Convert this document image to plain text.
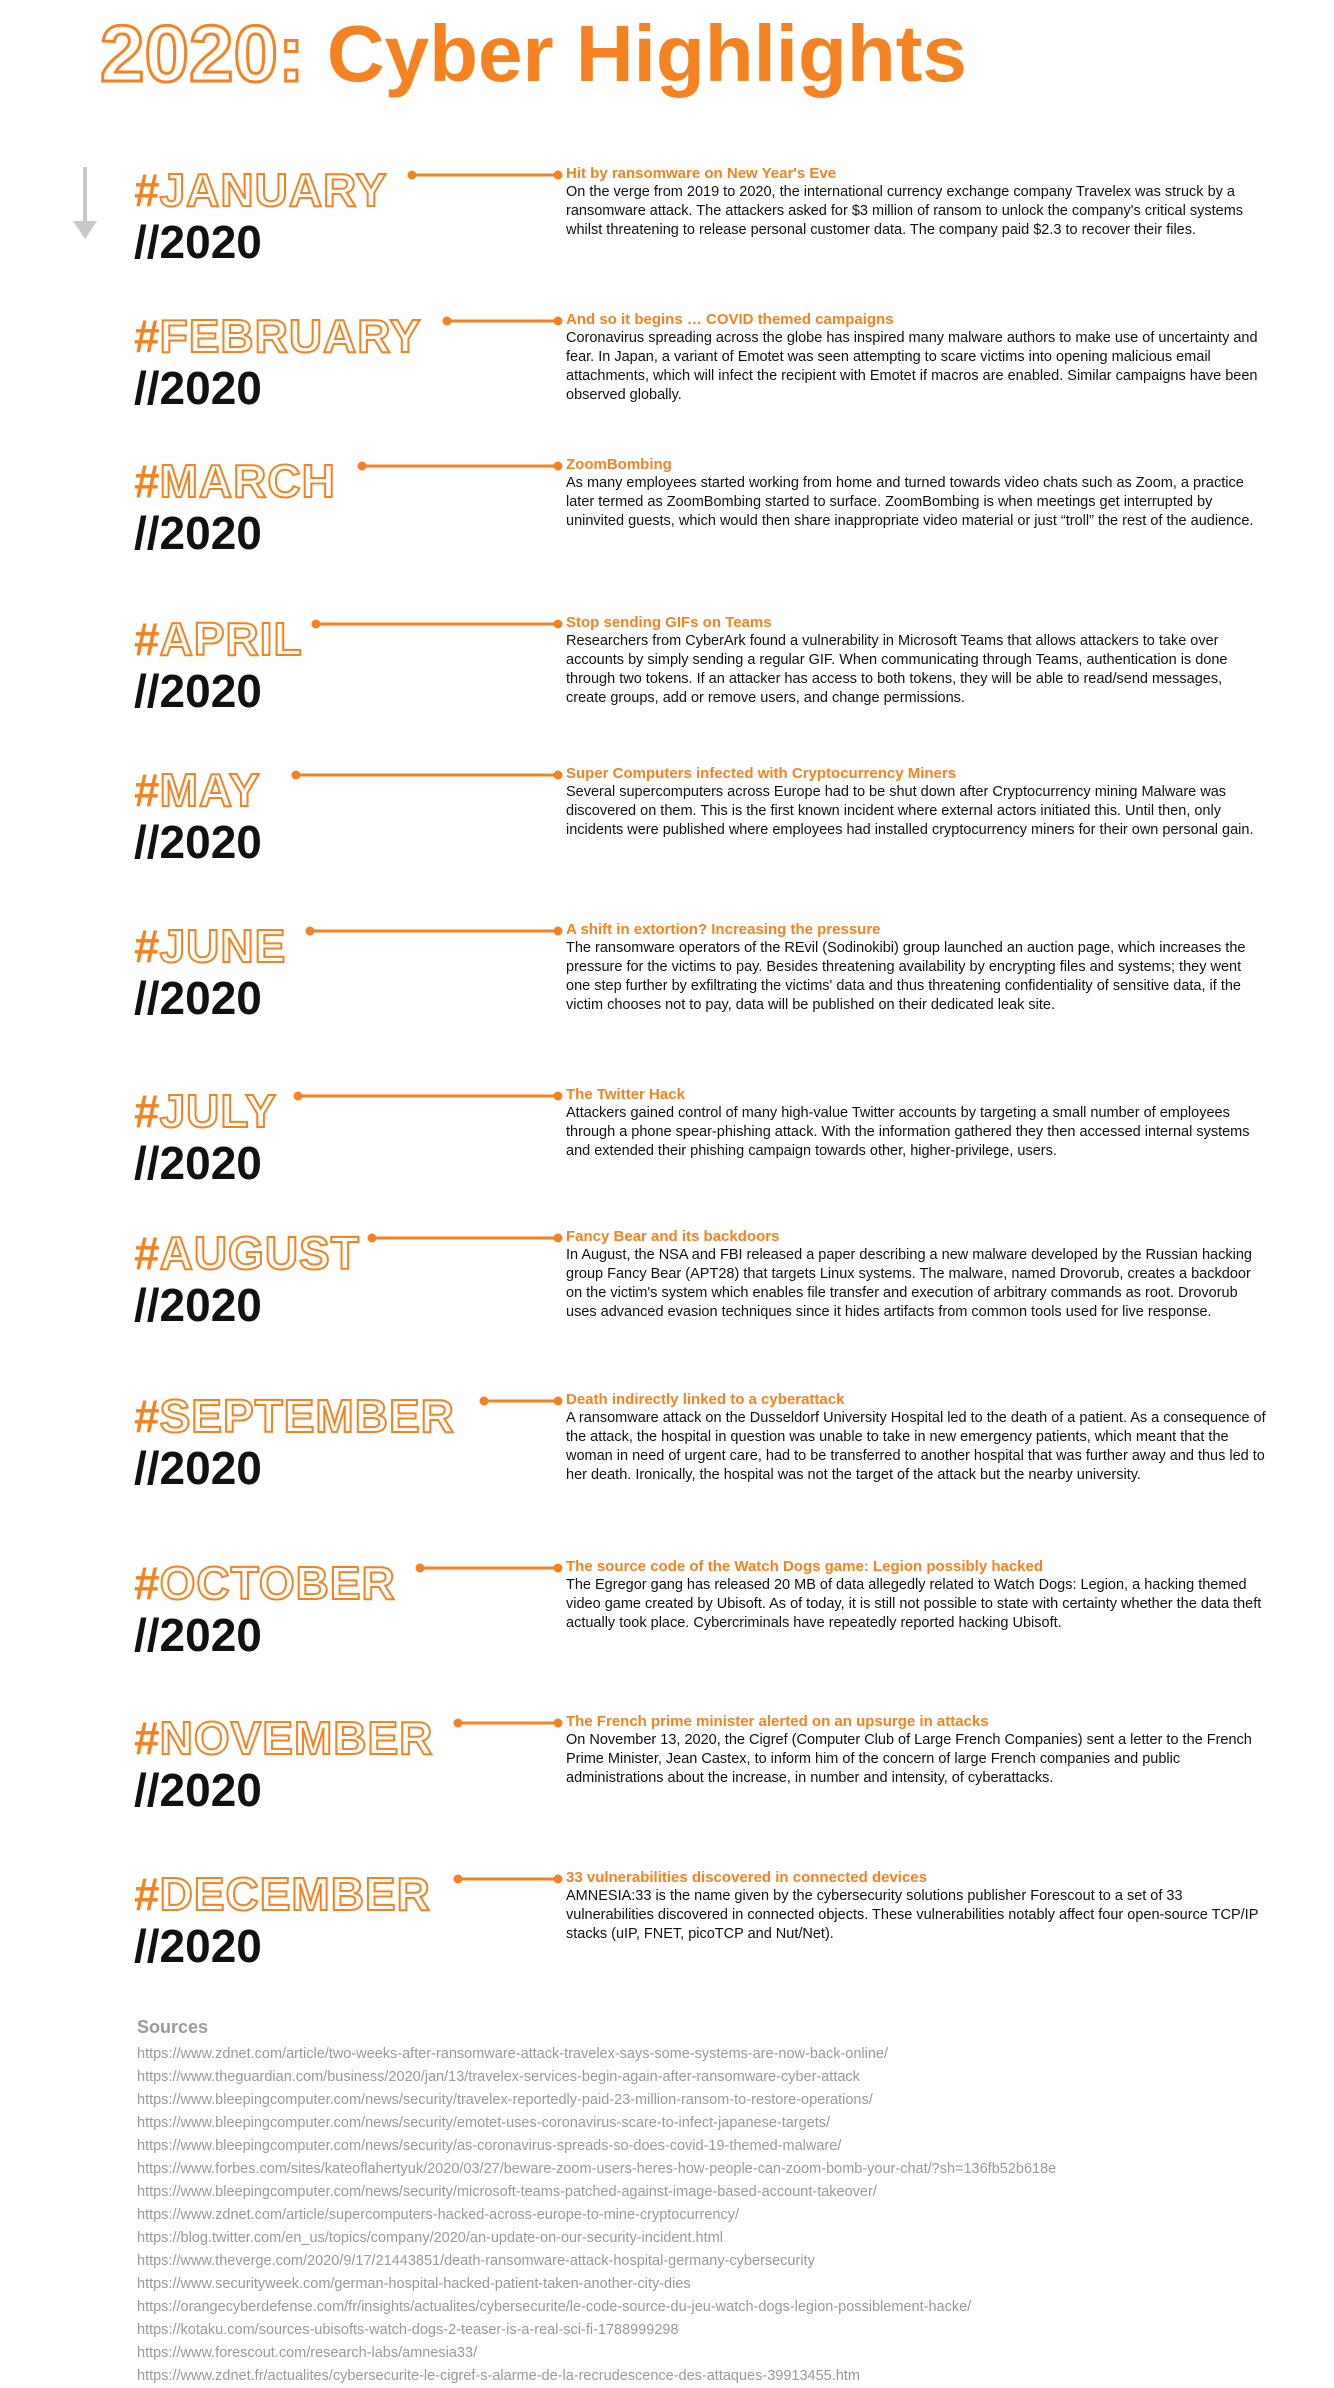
2020: Cyber Highlights
#JANUARY
//2020
Hit by ransomware on New Year's Eve
On the verge from 2019 to 2020, the international currency exchange company Travelex was struck by a ransomware attack. The attackers asked for $3 million of ransom to unlock the company's critical systems whilst threatening to release personal customer data. The company paid $2.3 to recover their files.
#FEBRUARY
//2020
And so it begins … COVID themed campaigns
Coronavirus spreading across the globe has inspired many malware authors to make use of uncertainty and fear. In Japan, a variant of Emotet was seen attempting to scare victims into opening malicious email attachments, which will infect the recipient with Emotet if macros are enabled. Similar campaigns have been observed globally.
#MARCH
//2020
ZoomBombing
As many employees started working from home and turned towards video chats such as Zoom, a practice later termed as ZoomBombing started to surface. ZoomBombing is when meetings get interrupted by uninvited guests, which would then share inappropriate video material or just “troll” the rest of the audience.
#APRIL
//2020
Stop sending GIFs on Teams
Researchers from CyberArk found a vulnerability in Microsoft Teams that allows attackers to take over accounts by simply sending a regular GIF. When communicating through Teams, authentication is done through two tokens. If an attacker has access to both tokens, they will be able to read/send messages, create groups, add or remove users, and change permissions.
#MAY
//2020
Super Computers infected with Cryptocurrency Miners
Several supercomputers across Europe had to be shut down after Cryptocurrency mining Malware was discovered on them. This is the first known incident where external actors initiated this. Until then, only incidents were published where employees had installed cryptocurrency miners for their own personal gain.
#JUNE
//2020
A shift in extortion? Increasing the pressure
The ransomware operators of the REvil (Sodinokibi) group launched an auction page, which increases the pressure for the victims to pay. Besides threatening availability by encrypting files and systems; they went one step further by exfiltrating the victims' data and thus threatening confidentiality of sensitive data, if the victim chooses not to pay, data will be published on their dedicated leak site.
#JULY
//2020
The Twitter Hack
Attackers gained control of many high-value Twitter accounts by targeting a small number of employees through a phone spear-phishing attack. With the information gathered they then accessed internal systems and extended their phishing campaign towards other, higher-privilege, users.
#AUGUST
//2020
Fancy Bear and its backdoors
In August, the NSA and FBI released a paper describing a new malware developed by the Russian hacking group Fancy Bear (APT28) that targets Linux systems. The malware, named Drovorub, creates a backdoor on the victim's system which enables file transfer and execution of arbitrary commands as root. Drovorub uses advanced evasion techniques since it hides artifacts from common tools used for live response.
#SEPTEMBER
//2020
Death indirectly linked to a cyberattack
A ransomware attack on the Dusseldorf University Hospital led to the death of a patient. As a consequence of the attack, the hospital in question was unable to take in new emergency patients, which meant that the woman in need of urgent care, had to be transferred to another hospital that was further away and thus led to her death. Ironically, the hospital was not the target of the attack but the nearby university.
#OCTOBER
//2020
The source code of the Watch Dogs game: Legion possibly hacked
The Egregor gang has released 20 MB of data allegedly related to Watch Dogs: Legion, a hacking themed video game created by Ubisoft. As of today, it is still not possible to state with certainty whether the data theft actually took place. Cybercriminals have repeatedly reported hacking Ubisoft.
#NOVEMBER
//2020
The French prime minister alerted on an upsurge in attacks
On November 13, 2020, the Cigref (Computer Club of Large French Companies) sent a letter to the French Prime Minister, Jean Castex, to inform him of the concern of large French companies and public administrations about the increase, in number and intensity, of cyberattacks.
#DECEMBER
//2020
33 vulnerabilities discovered in connected devices
AMNESIA:33 is the name given by the cybersecurity solutions publisher Forescout to a set of 33 vulnerabilities discovered in connected objects. These vulnerabilities notably affect four open-source TCP/IP stacks (uIP, FNET, picoTCP and Nut/Net).
Sources
https://www.zdnet.com/article/two-weeks-after-ransomware-attack-travelex-says-some-systems-are-now-back-online/
https://www.theguardian.com/business/2020/jan/13/travelex-services-begin-again-after-ransomware-cyber-attack
https://www.bleepingcomputer.com/news/security/travelex-reportedly-paid-23-million-ransom-to-restore-operations/
https://www.bleepingcomputer.com/news/security/emotet-uses-coronavirus-scare-to-infect-japanese-targets/
https://www.bleepingcomputer.com/news/security/as-coronavirus-spreads-so-does-covid-19-themed-malware/
https://www.forbes.com/sites/kateoflahertyuk/2020/03/27/beware-zoom-users-heres-how-people-can-zoom-bomb-your-chat/?sh=136fb52b618e
https://www.bleepingcomputer.com/news/security/microsoft-teams-patched-against-image-based-account-takeover/
https://www.zdnet.com/article/supercomputers-hacked-across-europe-to-mine-cryptocurrency/
https://blog.twitter.com/en_us/topics/company/2020/an-update-on-our-security-incident.html
https://www.theverge.com/2020/9/17/21443851/death-ransomware-attack-hospital-germany-cybersecurity
https://www.securityweek.com/german-hospital-hacked-patient-taken-another-city-dies
https://orangecyberdefense.com/fr/insights/actualites/cybersecurite/le-code-source-du-jeu-watch-dogs-legion-possiblement-hacke/
https://kotaku.com/sources-ubisofts-watch-dogs-2-teaser-is-a-real-sci-fi-1788999298
https://www.forescout.com/research-labs/amnesia33/
https://www.zdnet.fr/actualites/cybersecurite-le-cigref-s-alarme-de-la-recrudescence-des-attaques-39913455.htm
